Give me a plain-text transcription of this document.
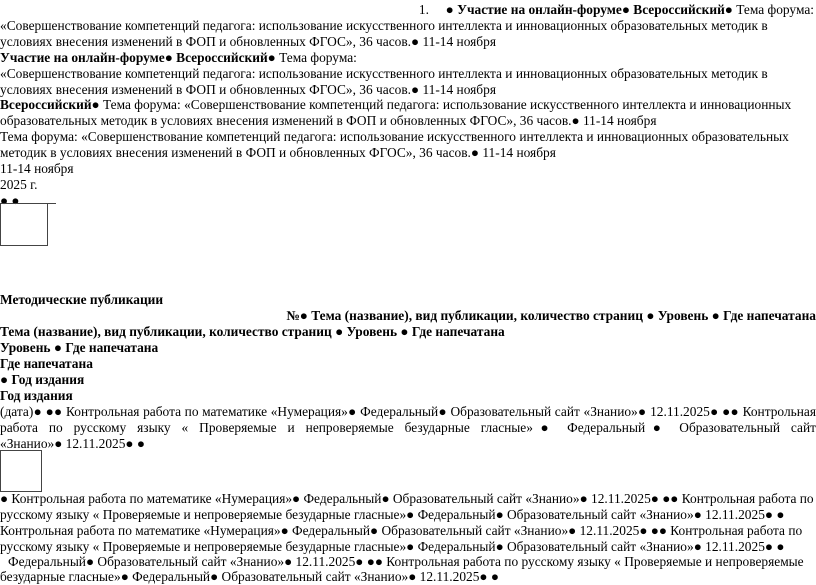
1. ● Участие на онлайн-форуме● Всероссийский● Тема форума:
«Совершенствование компетенций педагога: использование искусственного интеллекта и инновационных образовательных методик в
условиях внесения изменений в ФОП и обновленных ФГОС», 36 часов.● 11-14 ноября
Участие на онлайн-форуме● Всероссийский● Тема форума:
«Совершенствование компетенций педагога: использование искусственного интеллекта и инновационных образовательных методик в
условиях внесения изменений в ФОП и обновленных ФГОС», 36 часов.● 11-14 ноября
Всероссийский● Тема форума: «Совершенствование компетенций педагога: использование искусственного интеллекта и инновационных
образовательных методик в условиях внесения изменений в ФОП и обновленных ФГОС», 36 часов.● 11-14 ноября
Тема форума: «Совершенствование компетенций педагога: использование искусственного интеллекта и инновационных образовательных
методик в условиях внесения изменений в ФОП и обновленных ФГОС», 36 часов.● 11-14 ноября
11-14 ноября
2025 г.
● ●
Методические публикации
№● Тема (название), вид публикации, количество страниц ● Уровень ● Где напечатана
Тема (название), вид публикации, количество страниц ● Уровень ● Где напечатана
Уровень ● Где напечатана
Где напечатана
● Год издания
Год издания
(дата)● ●● Контрольная работа по математике «Нумерация»● Федеральный● Образовательный сайт «Знанио»● 12.11.2025● ●● Контрольная
работа по русскому языку « Проверяемые и непроверяемые безударные гласные»● Федеральный● Образовательный сайт
«Знанио»● 12.11.2025● ●
● Контрольная работа по математике «Нумерация»● Федеральный● Образовательный сайт «Знанио»● 12.11.2025● ●● Контрольная работа по
русскому языку « Проверяемые и непроверяемые безударные гласные»● Федеральный● Образовательный сайт «Знанио»● 12.11.2025● ●
Контрольная работа по математике «Нумерация»● Федеральный● Образовательный сайт «Знанио»● 12.11.2025● ●● Контрольная работа по
русскому языку « Проверяемые и непроверяемые безударные гласные»● Федеральный● Образовательный сайт «Знанио»● 12.11.2025● ●
Федеральный● Образовательный сайт «Знанио»● 12.11.2025● ●● Контрольная работа по русскому языку « Проверяемые и непроверяемые
безударные гласные»● Федеральный● Образовательный сайт «Знанио»● 12.11.2025● ●
